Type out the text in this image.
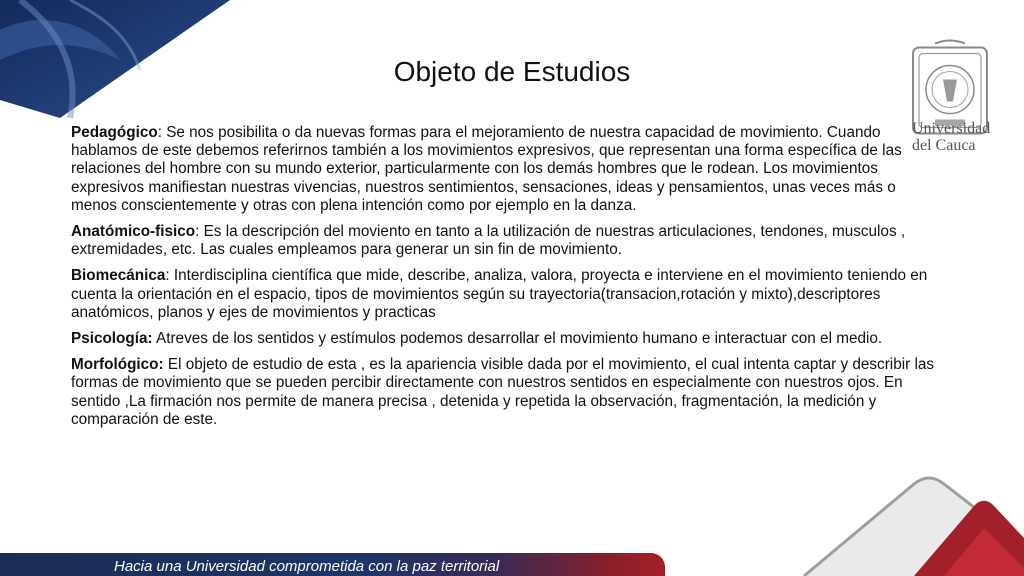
Universidad
del Cauca
Objeto de Estudios

Pedagógico: Se nos posibilita o da nuevas formas para el mejoramiento de nuestra capacidad de movimiento. Cuando hablamos de este debemos referirnos también a los movimientos expresivos, que representan una forma específica de las relaciones del hombre con su mundo exterior, particularmente con los demás hombres que le rodean. Los movimientos expresivos manifiestan nuestras vivencias, nuestros sentimientos, sensaciones, ideas y pensamientos, unas veces más o menos conscientemente y otras con plena intención como por ejemplo en la danza.

Anatómico-fisico: Es la descripción del moviento en tanto a la utilización de nuestras articulaciones, tendones, musculos , extremidades, etc. Las cuales empleamos para generar un sin fin de movimiento.

Biomecánica: Interdisciplina científica que mide, describe, analiza, valora, proyecta e interviene en el movimiento teniendo en cuenta la orientación en el espacio, tipos de movimientos según su trayectoria(transacion,rotación y mixto),descriptores anatómicos, planos y ejes de movimientos y practicas

Psicología: Atreves de los sentidos y estímulos podemos desarrollar el movimiento humano e interactuar con el medio.

Morfológico: El objeto de estudio de esta , es la apariencia visible dada por el movimiento, el cual intenta captar y describir las formas de movimiento que se pueden percibir directamente con nuestros sentidos en especialmente con nuestros ojos. En sentido ,La firmación nos permite de manera precisa , detenida y repetida la observación, fragmentación, la medición y comparación de este.

Hacia una Universidad comprometida con la paz territorial
